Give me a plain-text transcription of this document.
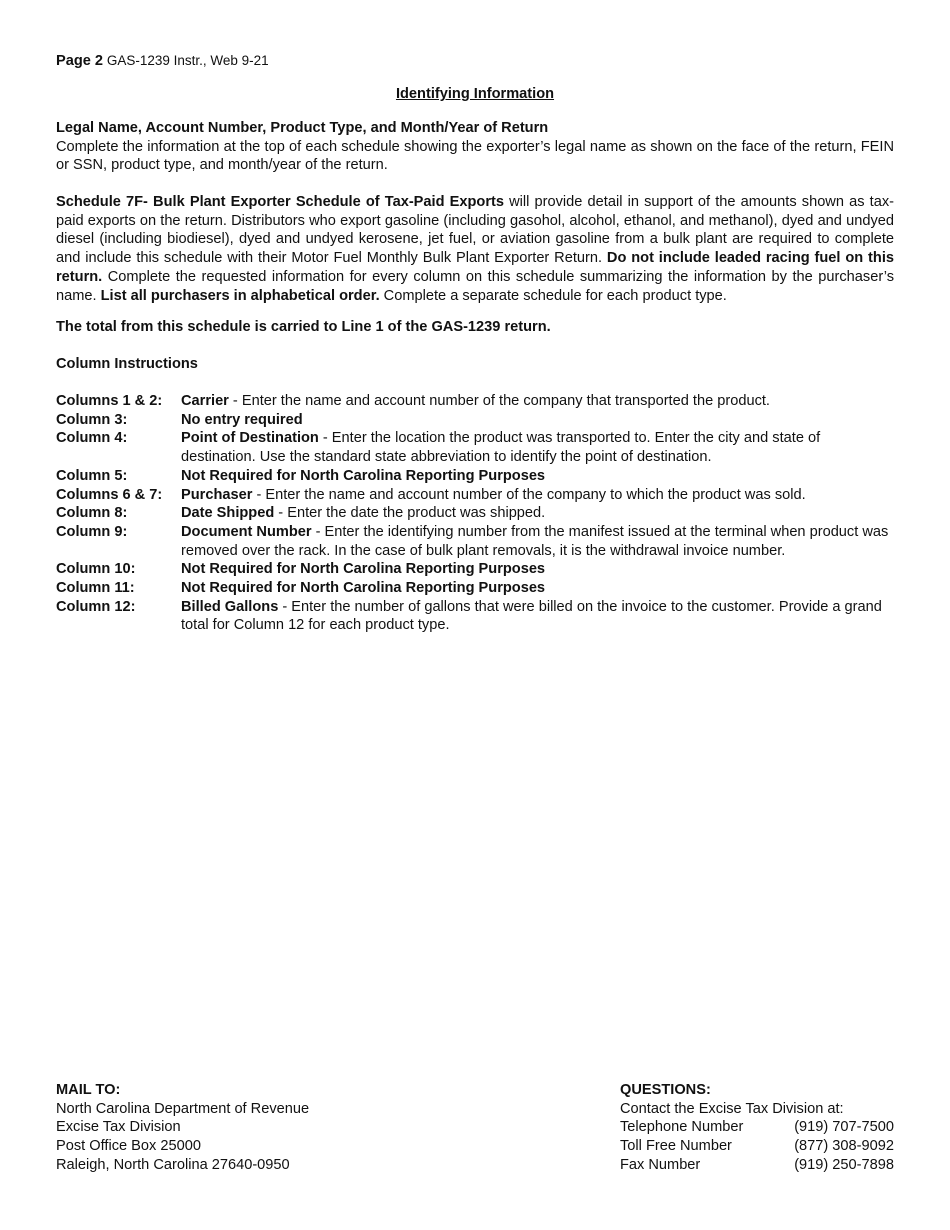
Page 2 GAS-1239 Instr., Web 9-21
Identifying Information
Legal Name, Account Number, Product Type, and Month/Year of Return
Complete the information at the top of each schedule showing the exporter’s legal name as shown on the face of the return, FEIN or SSN, product type, and month/year of the return.
Schedule 7F- Bulk Plant Exporter Schedule of Tax-Paid Exports will provide detail in support of the amounts shown as tax-paid exports on the return. Distributors who export gasoline (including gasohol, alcohol, ethanol, and methanol), dyed and undyed diesel (including biodiesel), dyed and undyed kerosene, jet fuel, or aviation gasoline from a bulk plant are required to complete and include this schedule with their Motor Fuel Monthly Bulk Plant Exporter Return. Do not include leaded racing fuel on this return. Complete the requested information for every column on this schedule summarizing the information by the purchaser’s name. List all purchasers in alphabetical order. Complete a separate schedule for each product type.
The total from this schedule is carried to Line 1 of the GAS-1239 return.
Column Instructions
Columns 1 & 2:	Carrier - Enter the name and account number of the company that transported the product.
Column 3:	No entry required
Column 4:	Point of Destination - Enter the location the product was transported to. Enter the city and state of destination. Use the standard state abbreviation to identify the point of destination.
Column 5:	Not Required for North Carolina Reporting Purposes
Columns 6 & 7:	Purchaser - Enter the name and account number of the company to which the product was sold.
Column 8:	Date Shipped - Enter the date the product was shipped.
Column 9:	Document Number - Enter the identifying number from the manifest issued at the terminal when product was removed over the rack. In the case of bulk plant removals, it is the withdrawal invoice number.
Column 10:	Not Required for North Carolina Reporting Purposes
Column 11:	Not Required for North Carolina Reporting Purposes
Column 12:	Billed Gallons - Enter the number of gallons that were billed on the invoice to the customer. Provide a grand total for Column 12 for each product type.
MAIL TO:
North Carolina Department of Revenue
Excise Tax Division
Post Office Box 25000
Raleigh, North Carolina 27640-0950
QUESTIONS:
Contact the Excise Tax Division at:
Telephone Number	(919) 707-7500
Toll Free Number	(877) 308-9092
Fax Number	(919) 250-7898
